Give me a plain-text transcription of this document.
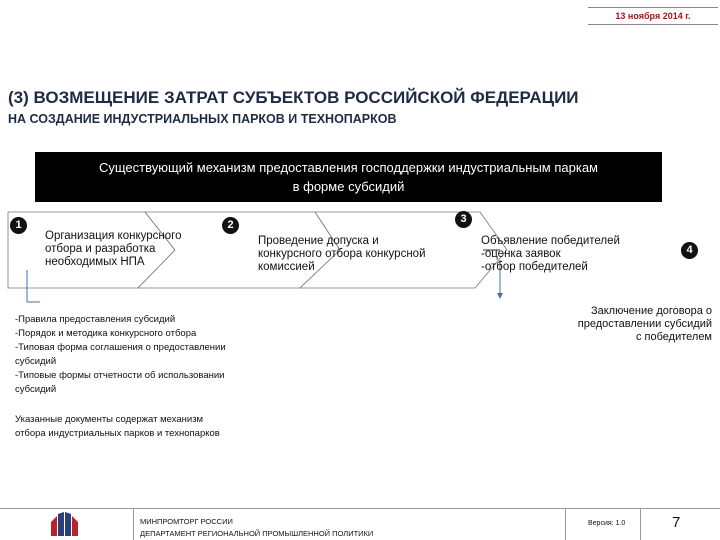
13 ноября 2014 г.
(3) ВОЗМЕЩЕНИЕ ЗАТРАТ СУБЪЕКТОВ РОССИЙСКОЙ ФЕДЕРАЦИИ
НА СОЗДАНИЕ ИНДУСТРИАЛЬНЫХ ПАРКОВ И ТЕХНОПАРКОВ
Существующий механизм предоставления господдержки индустриальным паркам
в форме субсидий
1
Организация конкурсного
отбора и разработка
необходимых НПА
2
Проведение допуска и
конкурсного отбора конкурсной
комиссией
3
Объявление победителей
-оценка заявок
-отбор победителей
4
-Правила предоставления субсидий
-Порядок и методика конкурсного отбора
-Типовая форма соглашения о предоставлении
субсидий
-Типовые формы отчетности об использовании
субсидий
Указанные документы содержат механизм
отбора индустриальных парков и технопарков
Заключение договора о
предоставлении субсидий
с победителем
МИНПРОМТОРГ РОССИИ
ДЕПАРТАМЕНТ РЕГИОНАЛЬНОЙ ПРОМЫШЛЕННОЙ ПОЛИТИКИ
Версия: 1.0	7
